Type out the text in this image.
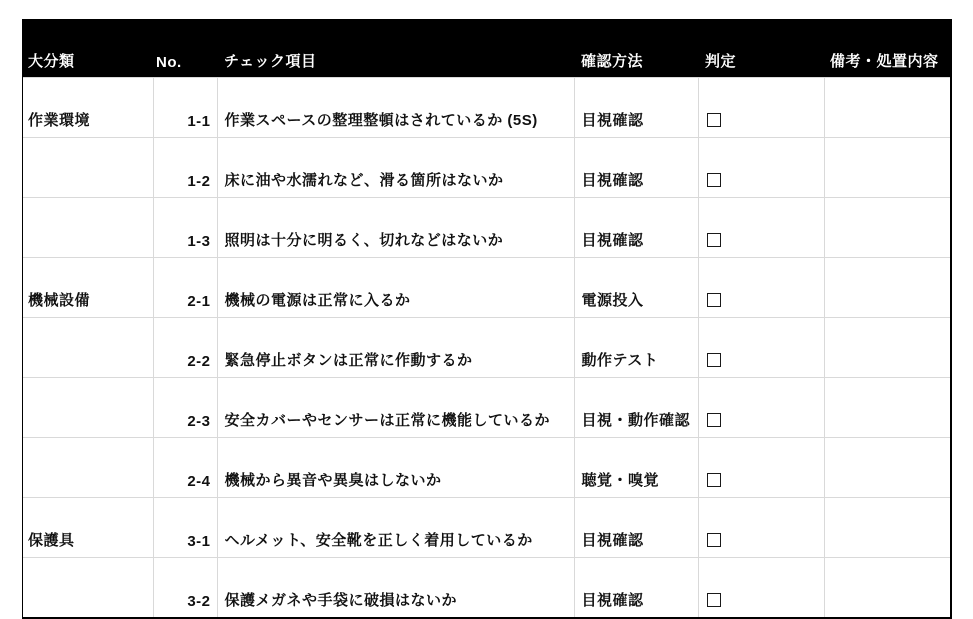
大分類	No.	チェック項目	確認方法	判定	備考・処置内容
作業環境	1-1	作業スペースの整理整頓はされているか (5S)	目視確認		
	1-2	床に油や水濡れなど、滑る箇所はないか	目視確認		
	1-3	照明は十分に明るく、切れなどはないか	目視確認		
機械設備	2-1	機械の電源は正常に入るか	電源投入		
	2-2	緊急停止ボタンは正常に作動するか	動作テスト		
	2-3	安全カバーやセンサーは正常に機能しているか	目視・動作確認		
	2-4	機械から異音や異臭はしないか	聴覚・嗅覚		
保護具	3-1	ヘルメット、安全靴を正しく着用しているか	目視確認		
	3-2	保護メガネや手袋に破損はないか	目視確認		
